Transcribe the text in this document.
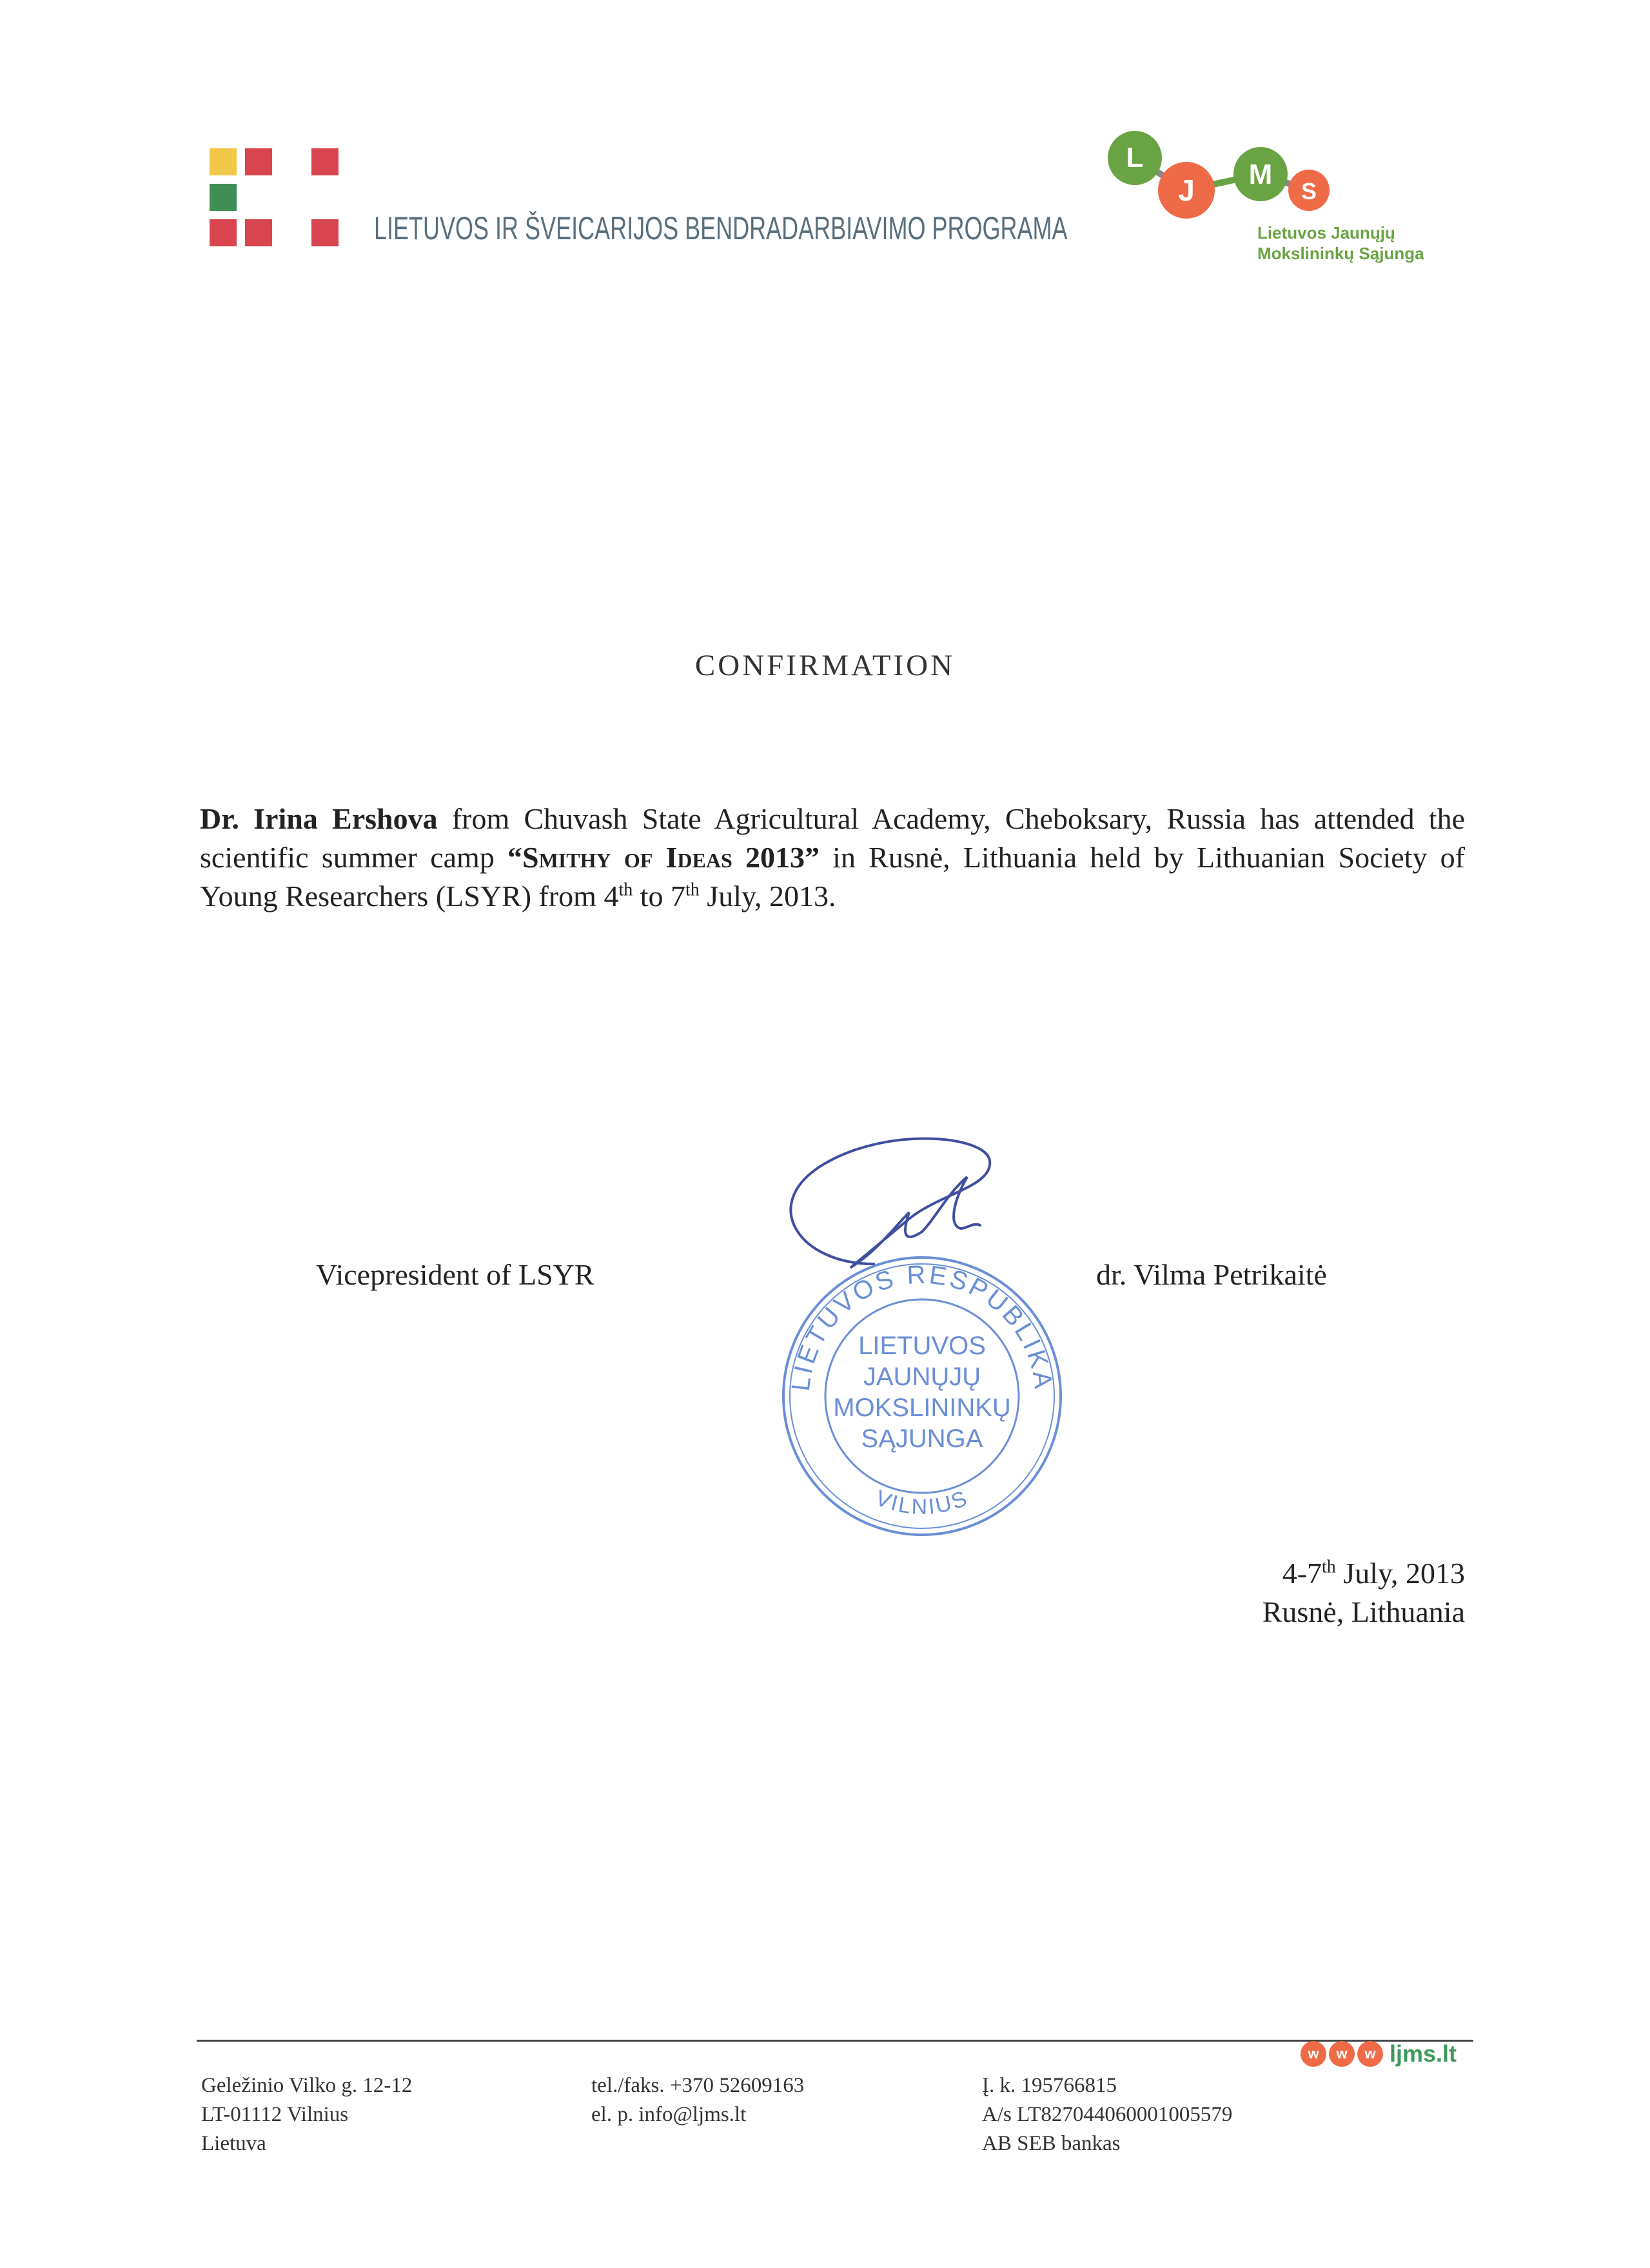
LIETUVOS IR ŠVEICARIJOS BENDRADARBIAVIMO PROGRAMA
L
J M
S
Lietuvos Jaunųjų
Mokslininkų Sąjunga
CONFIRMATION
Dr. Irina Ershova from Chuvash State Agricultural Academy, Cheboksary, Russia has attended the scientific summer camp “Smithy of Ideas 2013” in Rusnė, Lithuania held by Lithuanian Society of Young Researchers (LSYR) from 4th to 7th July, 2013.
Vicepresident of LSYR	dr. Vilma Petrikaitė
LIETUVOS RESPUBLIKA
VILNIUS
LIETUVOS
JAUNŲJŲ
MOKSLININKŲ
SĄJUNGA
4-7th July, 2013
Rusnė, Lithuania
w w w ljms.lt
Geležinio Vilko g. 12-12
LT-01112 Vilnius
Lietuva
tel./faks. +370 52609163
el. p. info@ljms.lt
Į. k. 195766815
A/s LT827044060001005579
AB SEB bankas
